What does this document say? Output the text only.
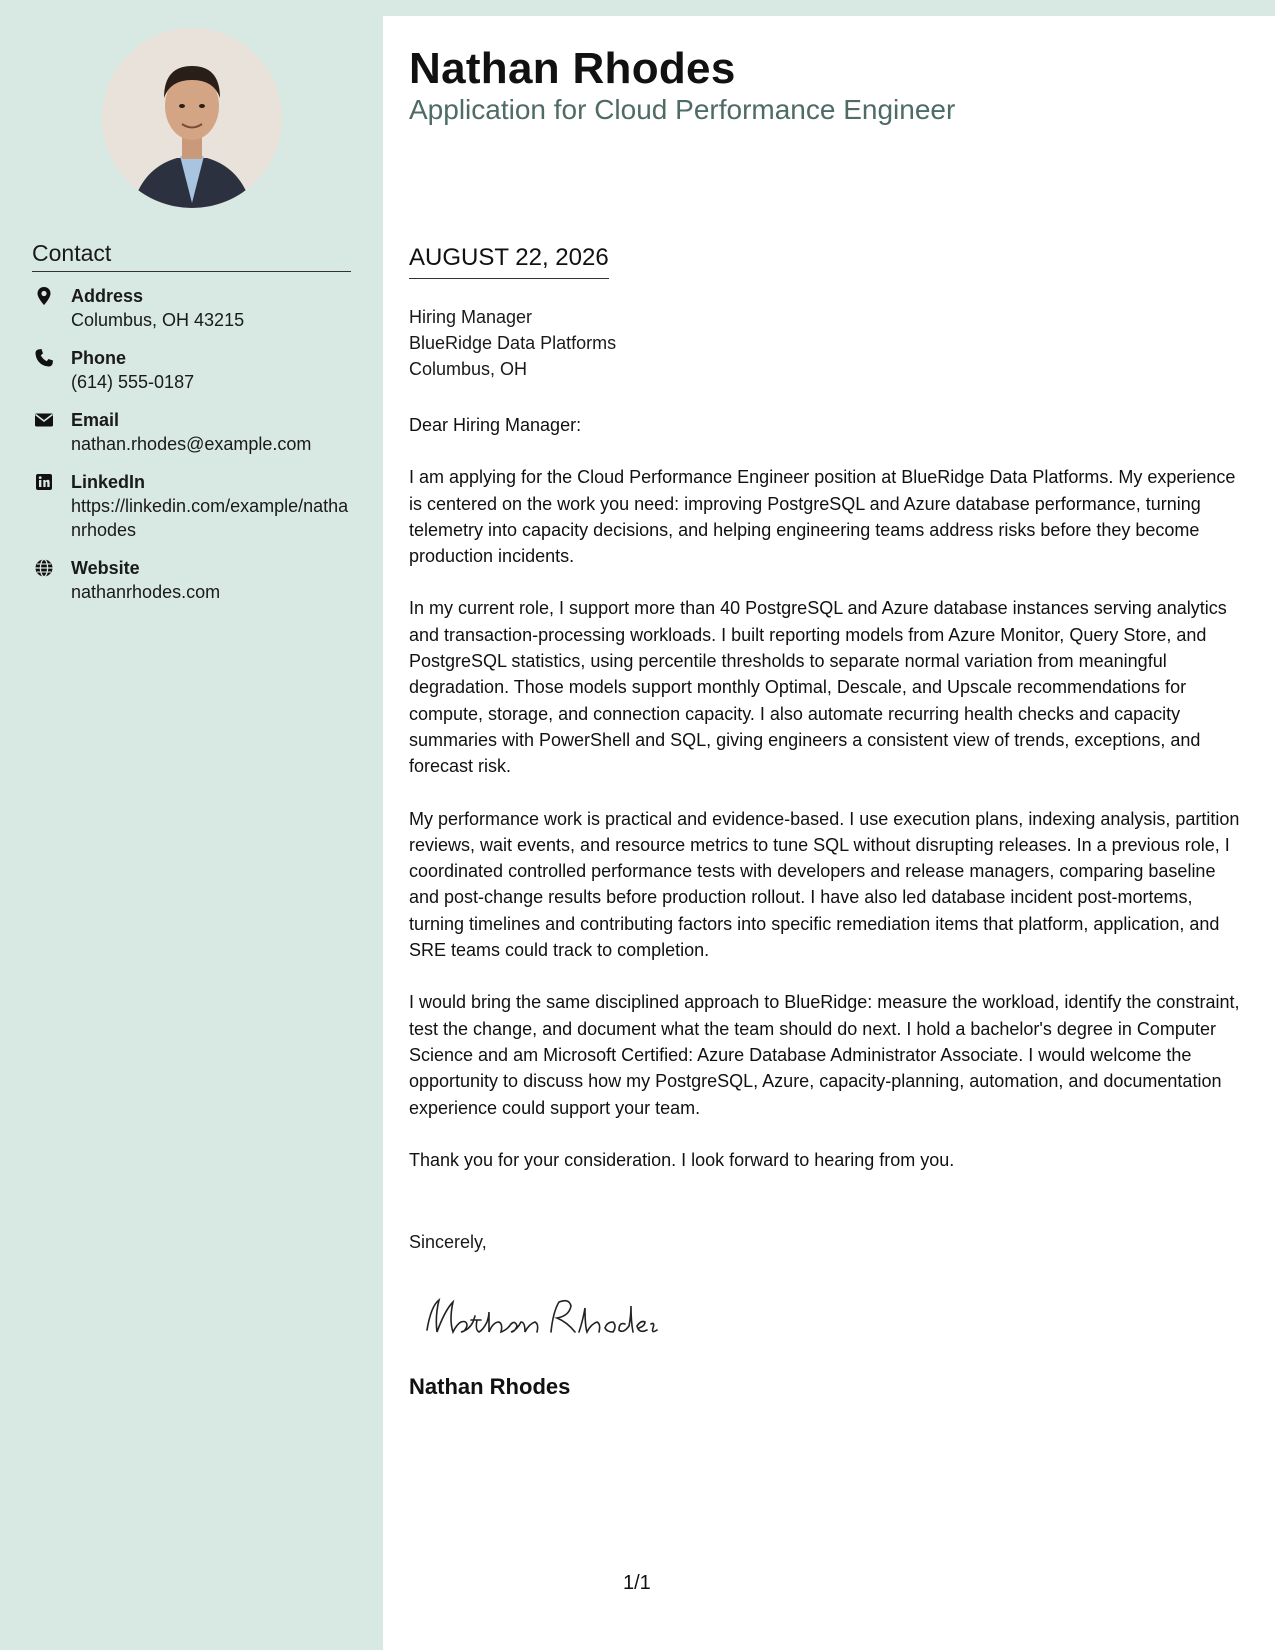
Contact
Address
Columbus, OH 43215
Phone
(614) 555-0187
Email
nathan.rhodes@example.com
LinkedIn
https://linkedin.com/example/nathanrhodes
Website
nathanrhodes.com
Nathan Rhodes
Application for Cloud Performance Engineer
AUGUST 22, 2026
Hiring Manager
BlueRidge Data Platforms
Columbus, OH

Dear Hiring Manager:

I am applying for the Cloud Performance Engineer position at BlueRidge Data Platforms. My experience is centered on the work you need: improving PostgreSQL and Azure database performance, turning telemetry into capacity decisions, and helping engineering teams address risks before they become production incidents.

In my current role, I support more than 40 PostgreSQL and Azure database instances serving analytics and transaction-processing workloads. I built reporting models from Azure Monitor, Query Store, and PostgreSQL statistics, using percentile thresholds to separate normal variation from meaningful degradation. Those models support monthly Optimal, Descale, and Upscale recommendations for compute, storage, and connection capacity. I also automate recurring health checks and capacity summaries with PowerShell and SQL, giving engineers a consistent view of trends, exceptions, and forecast risk.

My performance work is practical and evidence-based. I use execution plans, indexing analysis, partition reviews, wait events, and resource metrics to tune SQL without disrupting releases. In a previous role, I coordinated controlled performance tests with developers and release managers, comparing baseline and post-change results before production rollout. I have also led database incident post-mortems, turning timelines and contributing factors into specific remediation items that platform, application, and SRE teams could track to completion.

I would bring the same disciplined approach to BlueRidge: measure the workload, identify the constraint, test the change, and document what the team should do next. I hold a bachelor's degree in Computer Science and am Microsoft Certified: Azure Database Administrator Associate. I would welcome the opportunity to discuss how my PostgreSQL, Azure, capacity-planning, automation, and documentation experience could support your team.

Thank you for your consideration. I look forward to hearing from you.

Sincerely,
Nathan Rhodes
1/1
